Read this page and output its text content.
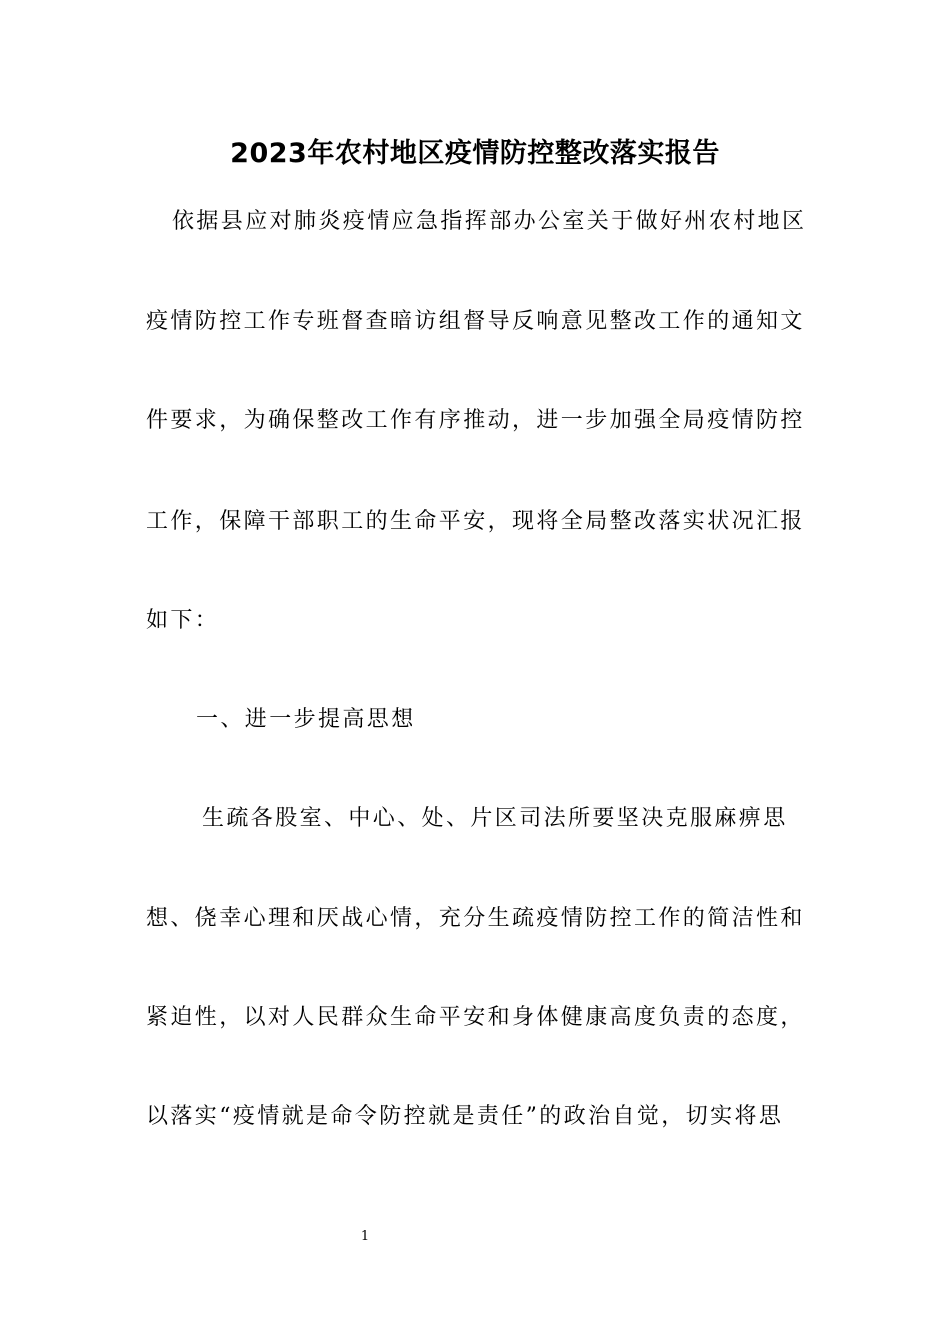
2023年农村地区疫情防控整改落实报告
依据县应对肺炎疫情应急指挥部办公室关于做好州农村地区
疫情防控工作专班督查暗访组督导反响意见整改工作的通知文
件要求，为确保整改工作有序推动，进一步加强全局疫情防控
工作，保障干部职工的生命平安，现将全局整改落实状况汇报
如下：
一、进一步提高思想
生疏各股室、中心、处、片区司法所要坚决克服麻痹思
想、侥幸心理和厌战心情，充分生疏疫情防控工作的简洁性和
紧迫性，以对人民群众生命平安和身体健康高度负责的态度，
以落实“疫情就是命令防控就是责任”的政治自觉，切实将思
1
